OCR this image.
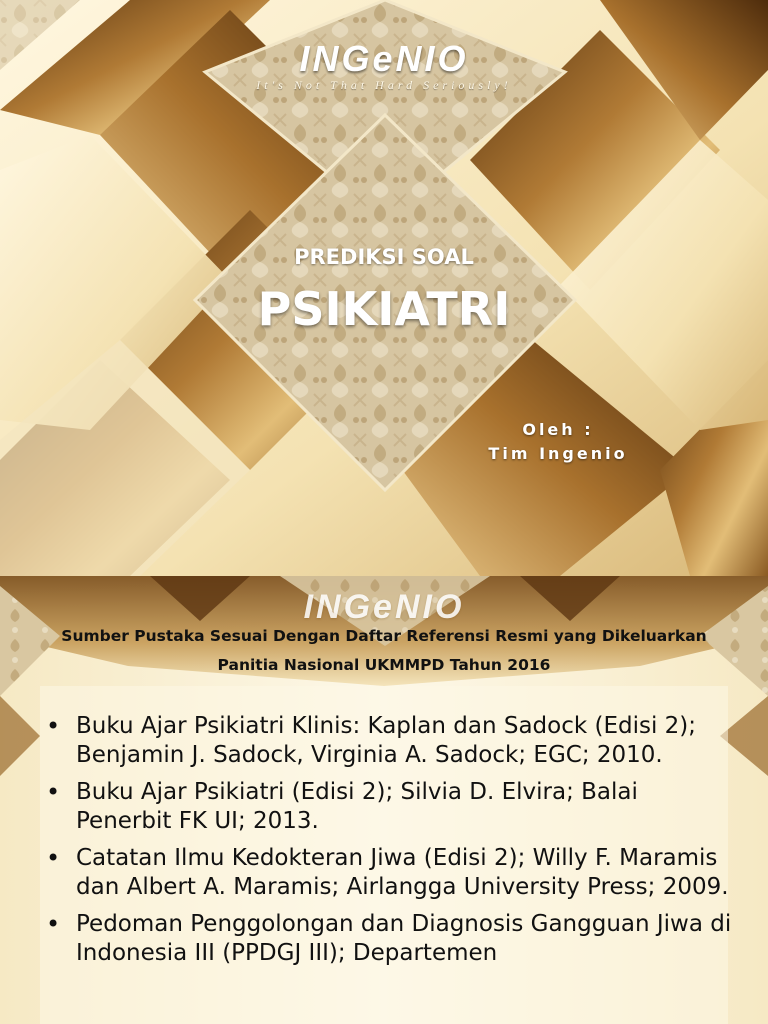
INGeNIO
It's Not That Hard Seriously!
PREDIKSI SOAL
PSIKIATRI
Oleh :
Tim Ingenio
INGeNIO
Sumber Pustaka Sesuai Dengan Daftar Referensi Resmi yang Dikeluarkan Panitia Nasional UKMMPD Tahun 2016
• Buku Ajar Psikiatri Klinis: Kaplan dan Sadock (Edisi 2); Benjamin J. Sadock, Virginia A. Sadock; EGC; 2010.
• Buku Ajar Psikiatri (Edisi 2); Silvia D. Elvira; Balai Penerbit FK UI; 2013.
• Catatan Ilmu Kedokteran Jiwa (Edisi 2); Willy F. Maramis dan Albert A. Maramis; Airlangga University Press; 2009.
• Pedoman Penggolongan dan Diagnosis Gangguan Jiwa di Indonesia III (PPDGJ III); Departemen
